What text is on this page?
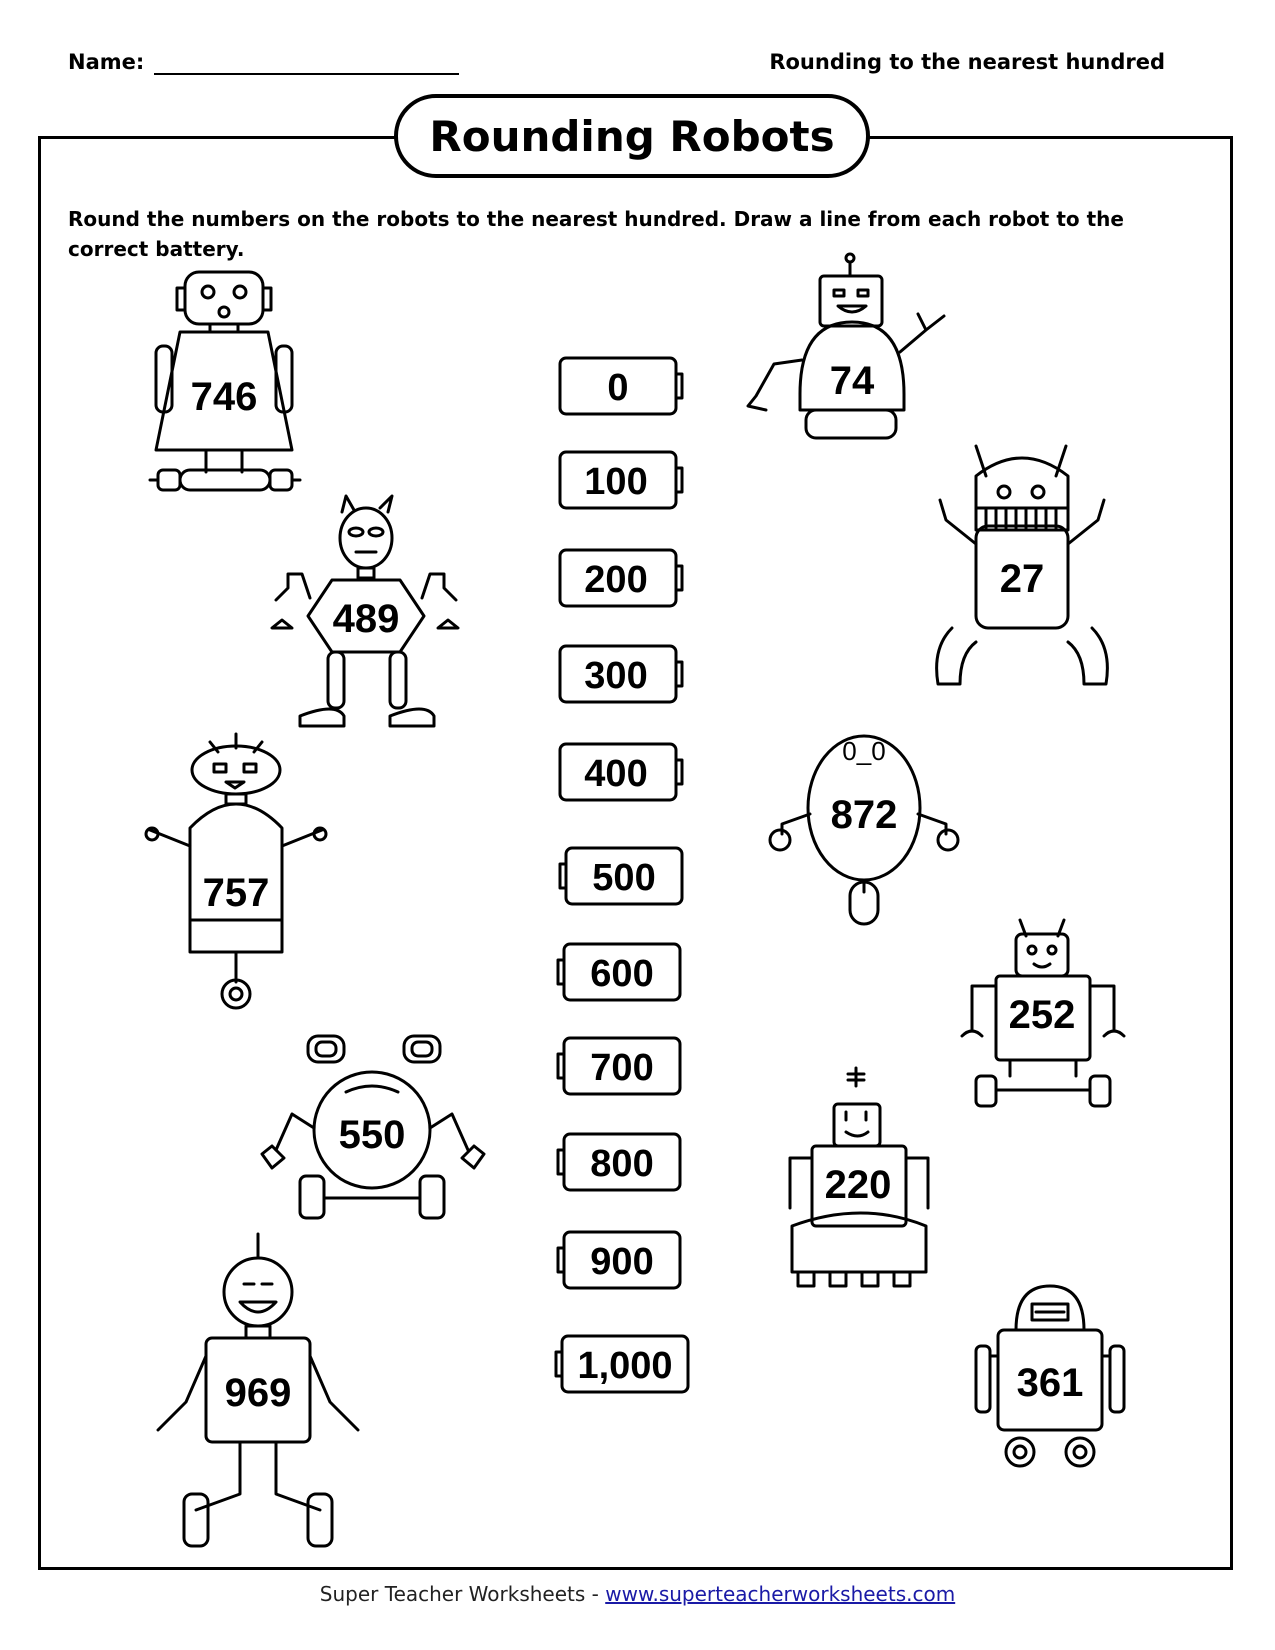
Name:	Rounding to the nearest hundred
Rounding Robots
Round the numbers on the robots to the nearest hundred. Draw a line from each robot to the correct battery.
0
100
200
300
400
500
600
700
800
900
1,000
746
489
757
550
969
74
27
0_0
872
252
220
361
Super Teacher Worksheets - www.superteacherworksheets.com
